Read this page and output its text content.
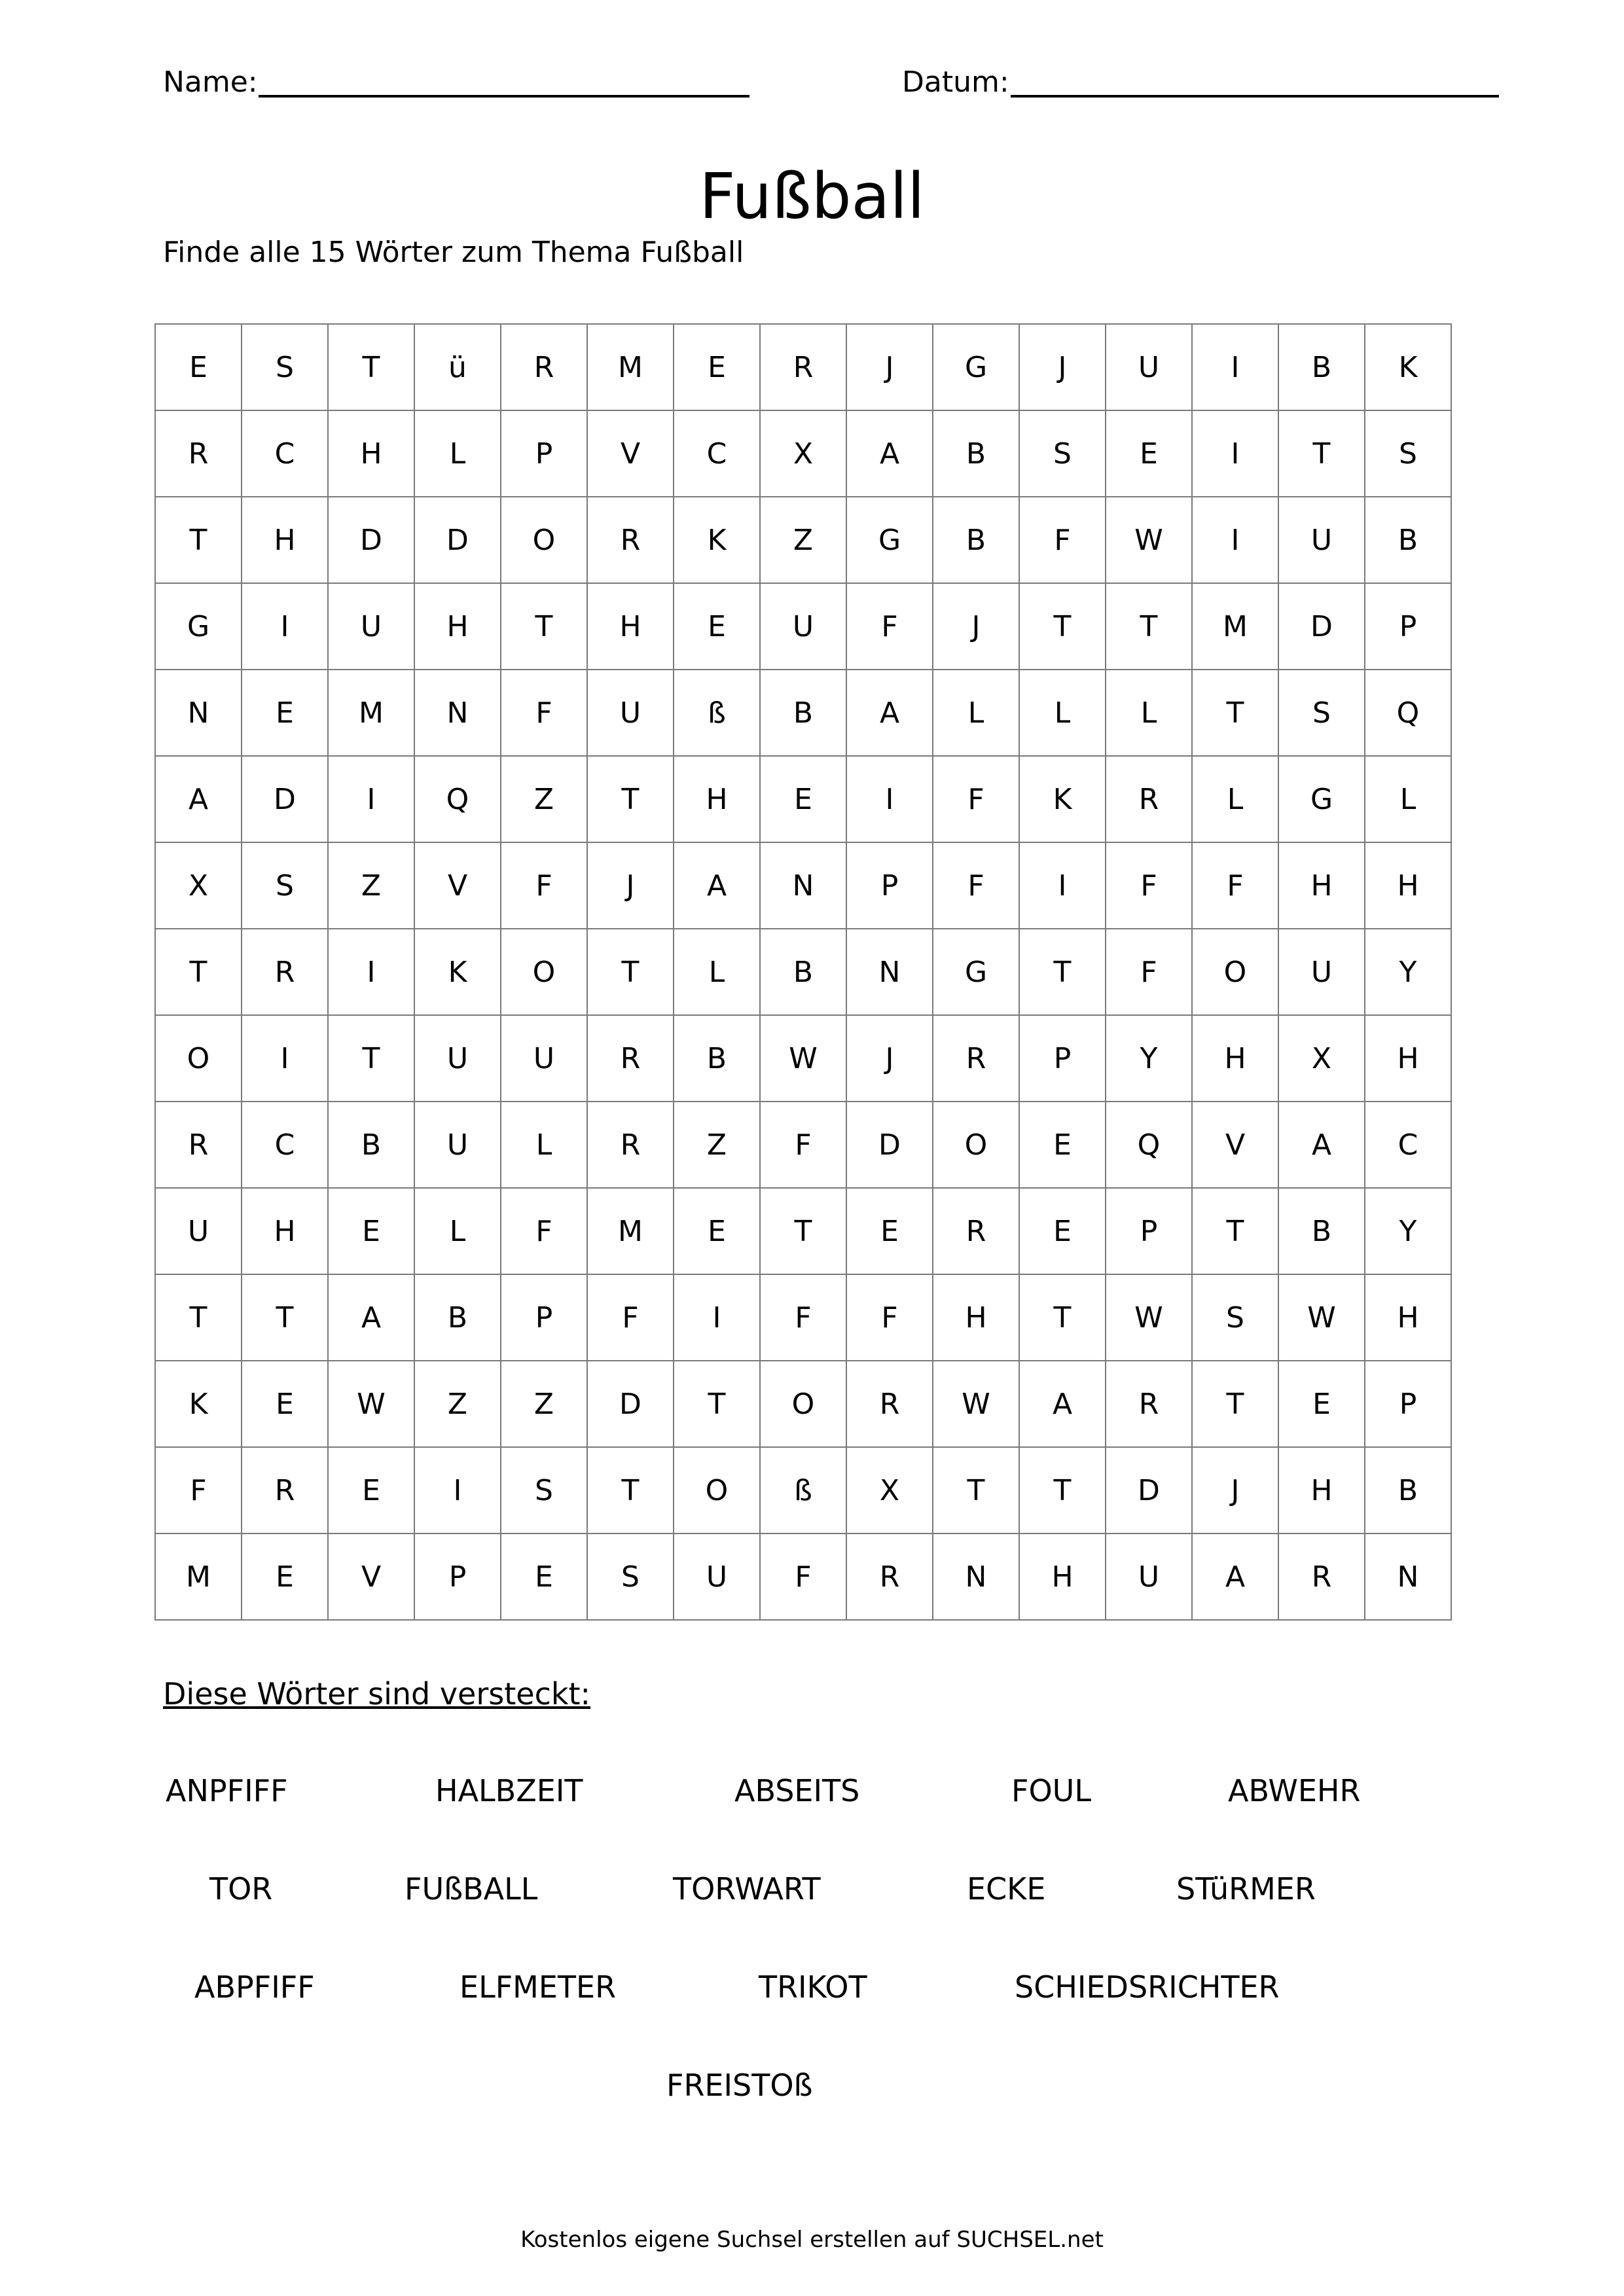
Name:	Datum:
Fußball
Finde alle 15 Wörter zum Thema Fußball
E	S	T	ü	R	M	E	R	J	G	J	U	I	B	K
R	C	H	L	P	V	C	X	A	B	S	E	I	T	S
T	H	D	D	O	R	K	Z	G	B	F	W	I	U	B
G	I	U	H	T	H	E	U	F	J	T	T	M	D	P
N	E	M	N	F	U	ß	B	A	L	L	L	T	S	Q
A	D	I	Q	Z	T	H	E	I	F	K	R	L	G	L
X	S	Z	V	F	J	A	N	P	F	I	F	F	H	H
T	R	I	K	O	T	L	B	N	G	T	F	O	U	Y
O	I	T	U	U	R	B	W	J	R	P	Y	H	X	H
R	C	B	U	L	R	Z	F	D	O	E	Q	V	A	C
U	H	E	L	F	M	E	T	E	R	E	P	T	B	Y
T	T	A	B	P	F	I	F	F	H	T	W	S	W	H
K	E	W	Z	Z	D	T	O	R	W	A	R	T	E	P
F	R	E	I	S	T	O	ß	X	T	T	D	J	H	B
M	E	V	P	E	S	U	F	R	N	H	U	A	R	N
Diese Wörter sind versteckt:
ANPFIFF	HALBZEIT	ABSEITS	FOUL	ABWEHR
TOR	FUßBALL	TORWART	ECKE	STüRMER
ABPFIFF	ELFMETER	TRIKOT	SCHIEDSRICHTER
FREISTOß
Kostenlos eigene Suchsel erstellen auf SUCHSEL.net
